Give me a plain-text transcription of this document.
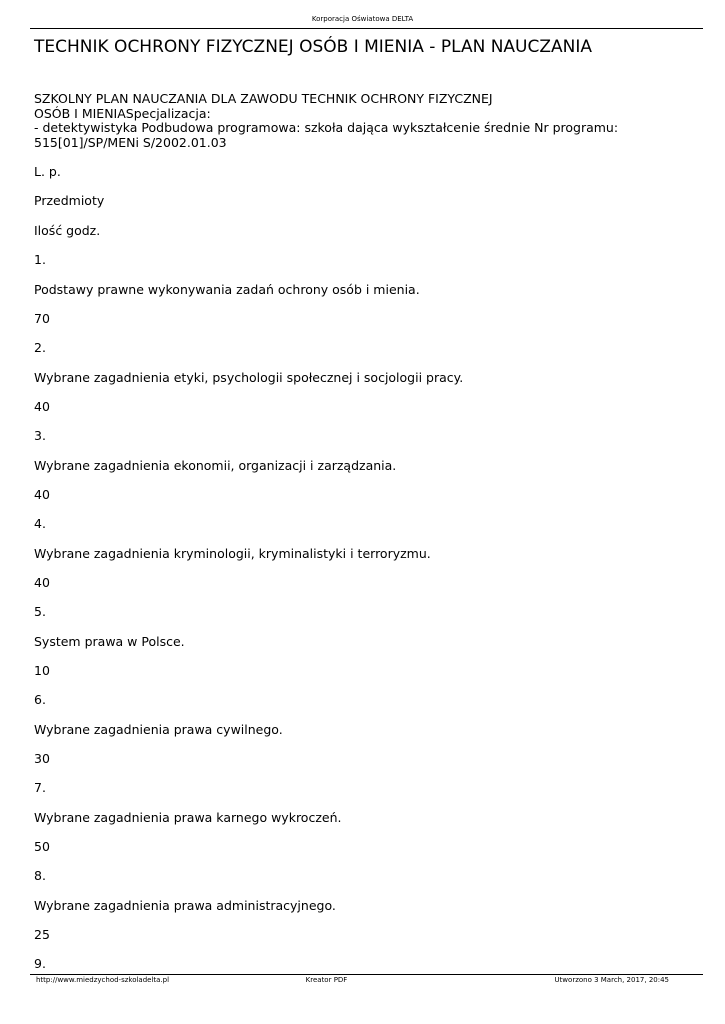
Korporacja Oświatowa DELTA
TECHNIK OCHRONY FIZYCZNEJ OSÓB I MIENIA - PLAN NAUCZANIA
SZKOLNY PLAN NAUCZANIA DLA ZAWODU TECHNIK OCHRONY FIZYCZNEJ
OSÓB I MIENIASpecjalizacja:
- detektywistyka Podbudowa programowa: szkoła dająca wykształcenie średnie Nr programu:
515[01]/SP/MENi S/2002.01.03

L. p.

Przedmioty

Ilość godz.

1.

Podstawy prawne wykonywania zadań ochrony osób i mienia.

70

2.

Wybrane zagadnienia etyki, psychologii społecznej i socjologii pracy.

40

3.

Wybrane zagadnienia ekonomii, organizacji i zarządzania.

40

4.

Wybrane zagadnienia kryminologii, kryminalistyki i terroryzmu.

40

5.

System prawa w Polsce.

10

6.

Wybrane zagadnienia prawa cywilnego.

30

7.

Wybrane zagadnienia prawa karnego wykroczeń.

50

8.

Wybrane zagadnienia prawa administracyjnego.

25

9.

http://www.miedzychod-szkoladelta.pl	Kreator PDF	Utworzono 3 March, 2017, 20:45
